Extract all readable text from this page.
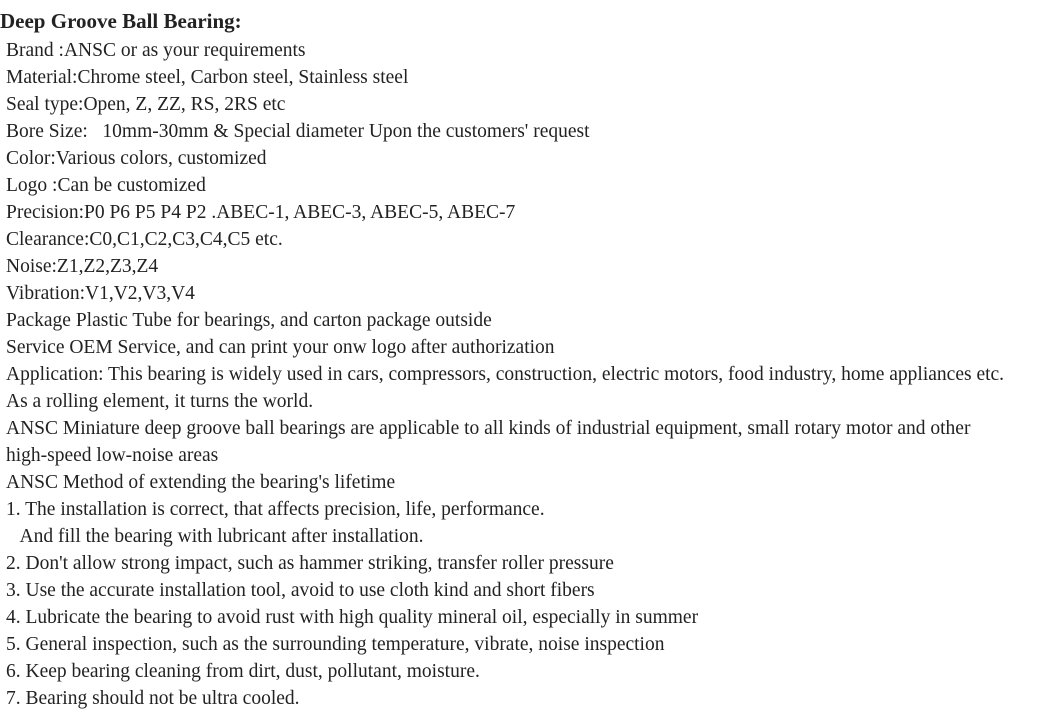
Deep Groove Ball Bearing:
Brand :ANSC or as your requirements
Material:Chrome steel, Carbon steel, Stainless steel
Seal type:Open, Z, ZZ, RS, 2RS etc
Bore Size:   10mm-30mm & Special diameter Upon the customers' request
Color:Various colors, customized
Logo :Can be customized
Precision:P0 P6 P5 P4 P2 .ABEC-1, ABEC-3, ABEC-5, ABEC-7
Clearance:C0,C1,C2,C3,C4,C5 etc.
Noise:Z1,Z2,Z3,Z4
Vibration:V1,V2,V3,V4
Package Plastic Tube for bearings, and carton package outside
Service OEM Service, and can print your onw logo after authorization
Application: This bearing is widely used in cars, compressors, construction, electric motors, food industry, home appliances etc. As a rolling element, it turns the world.
ANSC Miniature deep groove ball bearings are applicable to all kinds of industrial equipment, small rotary motor and other high-speed low-noise areas
ANSC Method of extending the bearing's lifetime
1. The installation is correct, that affects precision, life, performance.
And fill the bearing with lubricant after installation.
2. Don't allow strong impact, such as hammer striking, transfer roller pressure
3. Use the accurate installation tool, avoid to use cloth kind and short fibers
4. Lubricate the bearing to avoid rust with high quality mineral oil, especially in summer
5. General inspection, such as the surrounding temperature, vibrate, noise inspection
6. Keep bearing cleaning from dirt, dust, pollutant, moisture.
7. Bearing should not be ultra cooled.
